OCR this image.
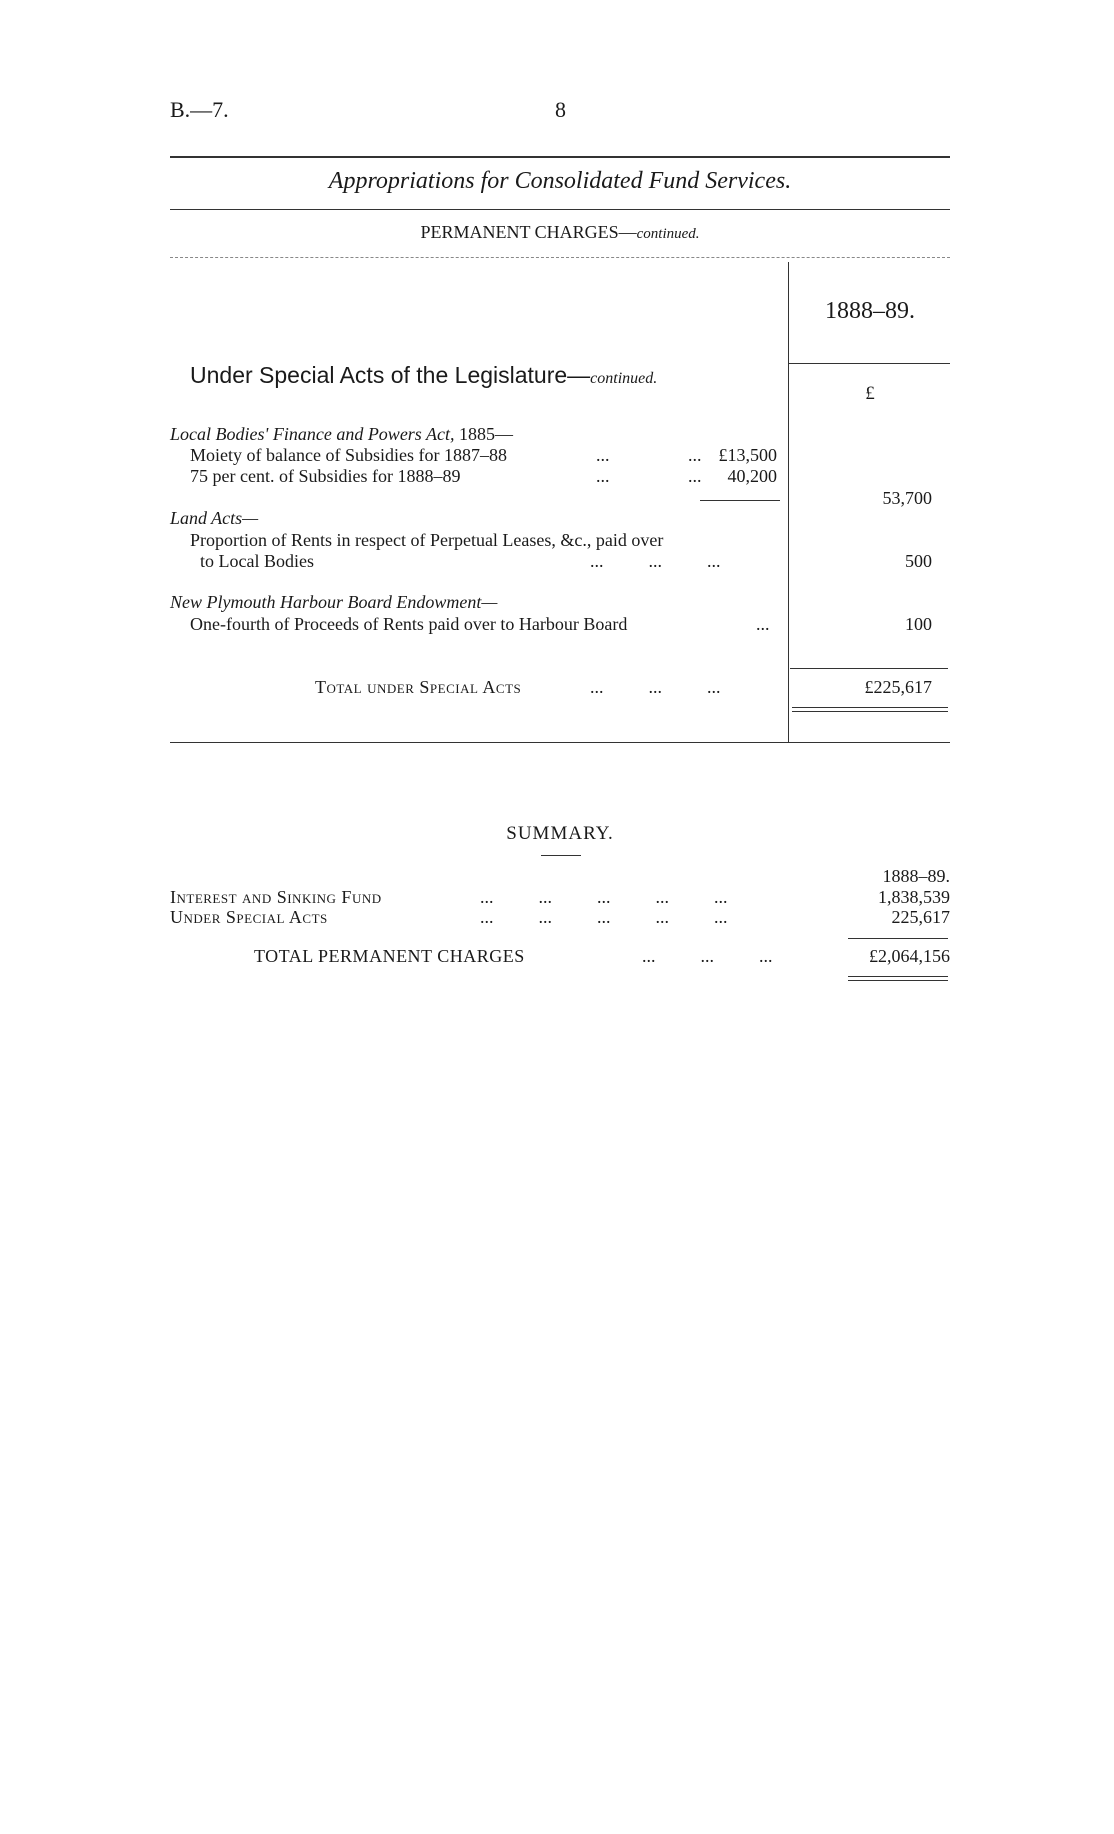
B.—7.	8
Appropriations for Consolidated Fund Services.
PERMANENT CHARGES—continued.
1888–89.
£
Under Special Acts of the Legislature—continued.
Local Bodies' Finance and Powers Act, 1885—
Moiety of balance of Subsidies for 1887–88	...	... £13,500
75 per cent. of Subsidies for 1888–89	...	...	40,200
53,700
Land Acts—
Proportion of Rents in respect of Perpetual Leases, &c., paid over
to Local Bodies	...          ...          ...	500
New Plymouth Harbour Board Endowment—
One-fourth of Proceeds of Rents paid over to Harbour Board	...	100
Total under Special Acts	...          ...          ...	£225,617
SUMMARY.
1888–89.
Interest and Sinking Fund	...          ...          ...          ...          ...	1,838,539
Under Special Acts	...          ...          ...          ...          ...	225,617
TOTAL PERMANENT CHARGES	...          ...          ...	£2,064,156
